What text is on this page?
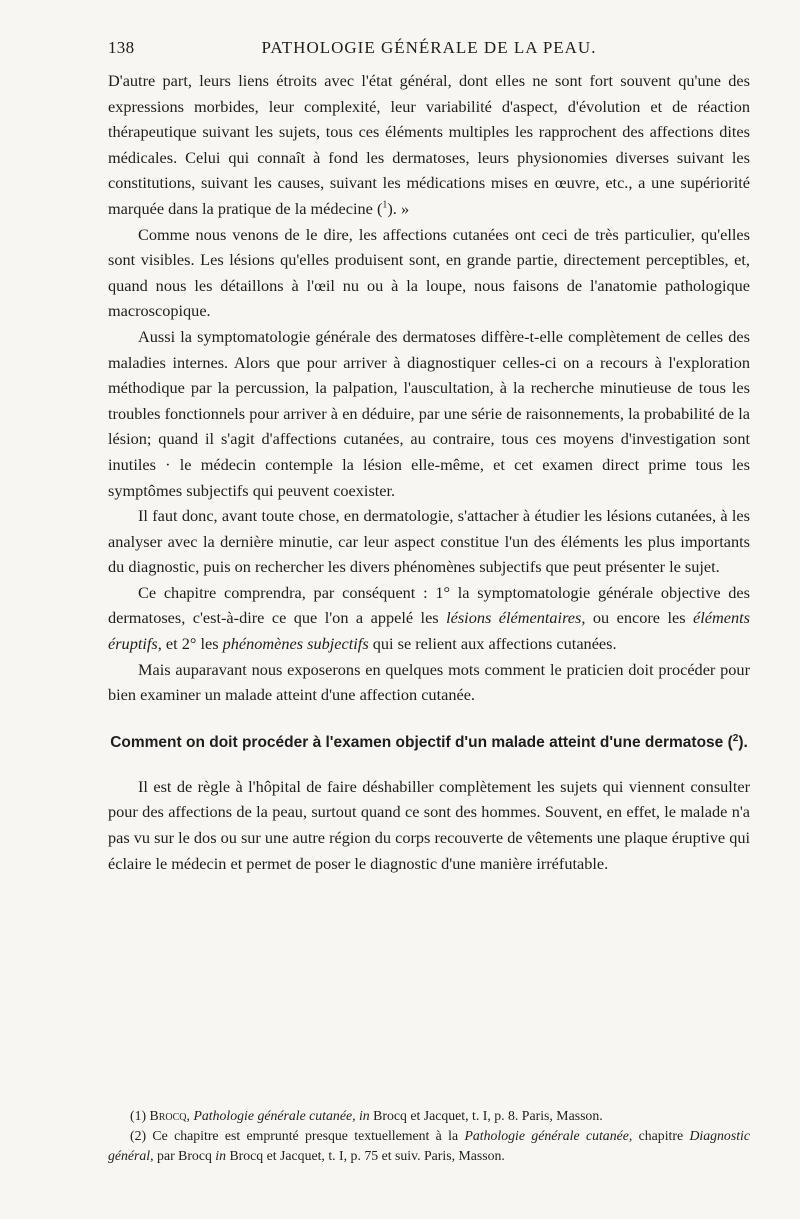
138	PATHOLOGIE GÉNÉRALE DE LA PEAU.

D'autre part, leurs liens étroits avec l'état général, dont elles ne sont fort souvent qu'une des expressions morbides, leur complexité, leur variabilité d'aspect, d'évolution et de réaction thérapeutique suivant les sujets, tous ces éléments multiples les rapprochent des affections dites médicales. Celui qui connaît à fond les dermatoses, leurs physionomies diverses suivant les constitutions, suivant les causes, suivant les médications mises en œuvre, etc., a une supériorité marquée dans la pratique de la médecine ($^1$). »

Comme nous venons de le dire, les affections cutanées ont ceci de très particulier, qu'elles sont visibles. Les lésions qu'elles produisent sont, en grande partie, directement perceptibles, et, quand nous les détaillons à l'œil nu ou à la loupe, nous faisons de l'anatomie pathologique macroscopique.

Aussi la symptomatologie générale des dermatoses diffère-t-elle complètement de celles des maladies internes. Alors que pour arriver à diagnostiquer celles-ci on a recours à l'exploration méthodique par la percussion, la palpation, l'auscultation, à la recherche minutieuse de tous les troubles fonctionnels pour arriver à en déduire, par une série de raisonnements, la probabilité de la lésion; quand il s'agit d'affections cutanées, au contraire, tous ces moyens d'investigation sont inutiles · le médecin contemple la lésion elle-même, et cet examen direct prime tous les symptômes subjectifs qui peuvent coexister.

Il faut donc, avant toute chose, en dermatologie, s'attacher à étudier les lésions cutanées, à les analyser avec la dernière minutie, car leur aspect constitue l'un des éléments les plus importants du diagnostic, puis on rechercher les divers phénomènes subjectifs que peut présenter le sujet.

Ce chapitre comprendra, par conséquent : 1° la symptomatologie générale objective des dermatoses, c'est-à-dire ce que l'on a appelé les lésions élémentaires, ou encore les éléments éruptifs, et 2° les phénomènes subjectifs qui se relient aux affections cutanées.

Mais auparavant nous exposerons en quelques mots comment le praticien doit procéder pour bien examiner un malade atteint d'une affection cutanée.

Comment on doit procéder à l'examen objectif d'un malade atteint d'une dermatose ($^2$).

Il est de règle à l'hôpital de faire déshabiller complètement les sujets qui viennent consulter pour des affections de la peau, surtout quand ce sont des hommes. Souvent, en effet, le malade n'a pas vu sur le dos ou sur une autre région du corps recouverte de vêtements une plaque éruptive qui éclaire le médecin et permet de poser le diagnostic d'une manière irréfutable.

(1) Brocq, Pathologie générale cutanée, in Brocq et Jacquet, t. I, p. 8. Paris, Masson.

(2) Ce chapitre est emprunté presque textuellement à la Pathologie générale cutanée, chapitre Diagnostic général, par Brocq in Brocq et Jacquet, t. I, p. 75 et suiv. Paris, Masson.
